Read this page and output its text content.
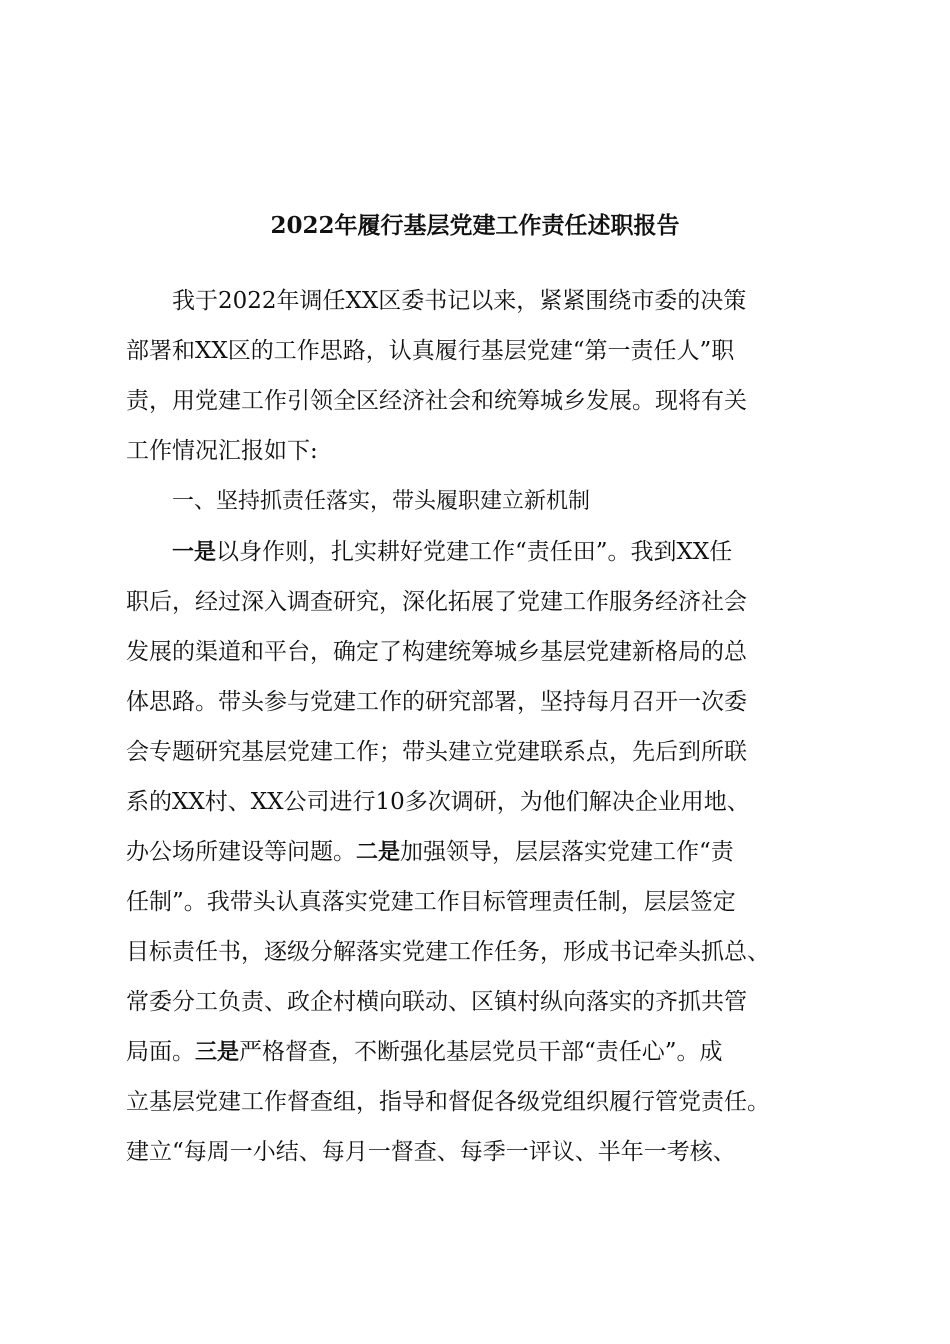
2022年履行基层党建工作责任述职报告
我于2022年调任XX区委书记以来，紧紧围绕市委的决策
部署和XX区的工作思路，认真履行基层党建“第一责任人”职
责，用党建工作引领全区经济社会和统筹城乡发展。现将有关
工作情况汇报如下:
一、坚持抓责任落实，带头履职建立新机制
一是以身作则，扎实耕好党建工作“责任田”。我到XX任
职后，经过深入调查研究，深化拓展了党建工作服务经济社会
发展的渠道和平台，确定了构建统筹城乡基层党建新格局的总
体思路。带头参与党建工作的研究部署，坚持每月召开一次委
会专题研究基层党建工作；带头建立党建联系点，先后到所联
系的XX村、XX公司进行10多次调研，为他们解决企业用地、
办公场所建设等问题。二是加强领导，层层落实党建工作“责
任制”。我带头认真落实党建工作目标管理责任制，层层签定
目标责任书，逐级分解落实党建工作任务，形成书记牵头抓总、
常委分工负责、政企村横向联动、区镇村纵向落实的齐抓共管
局面。三是严格督查，不断强化基层党员干部“责任心”。成
立基层党建工作督查组，指导和督促各级党组织履行管党责任。
建立“每周一小结、每月一督查、每季一评议、半年一考核、
